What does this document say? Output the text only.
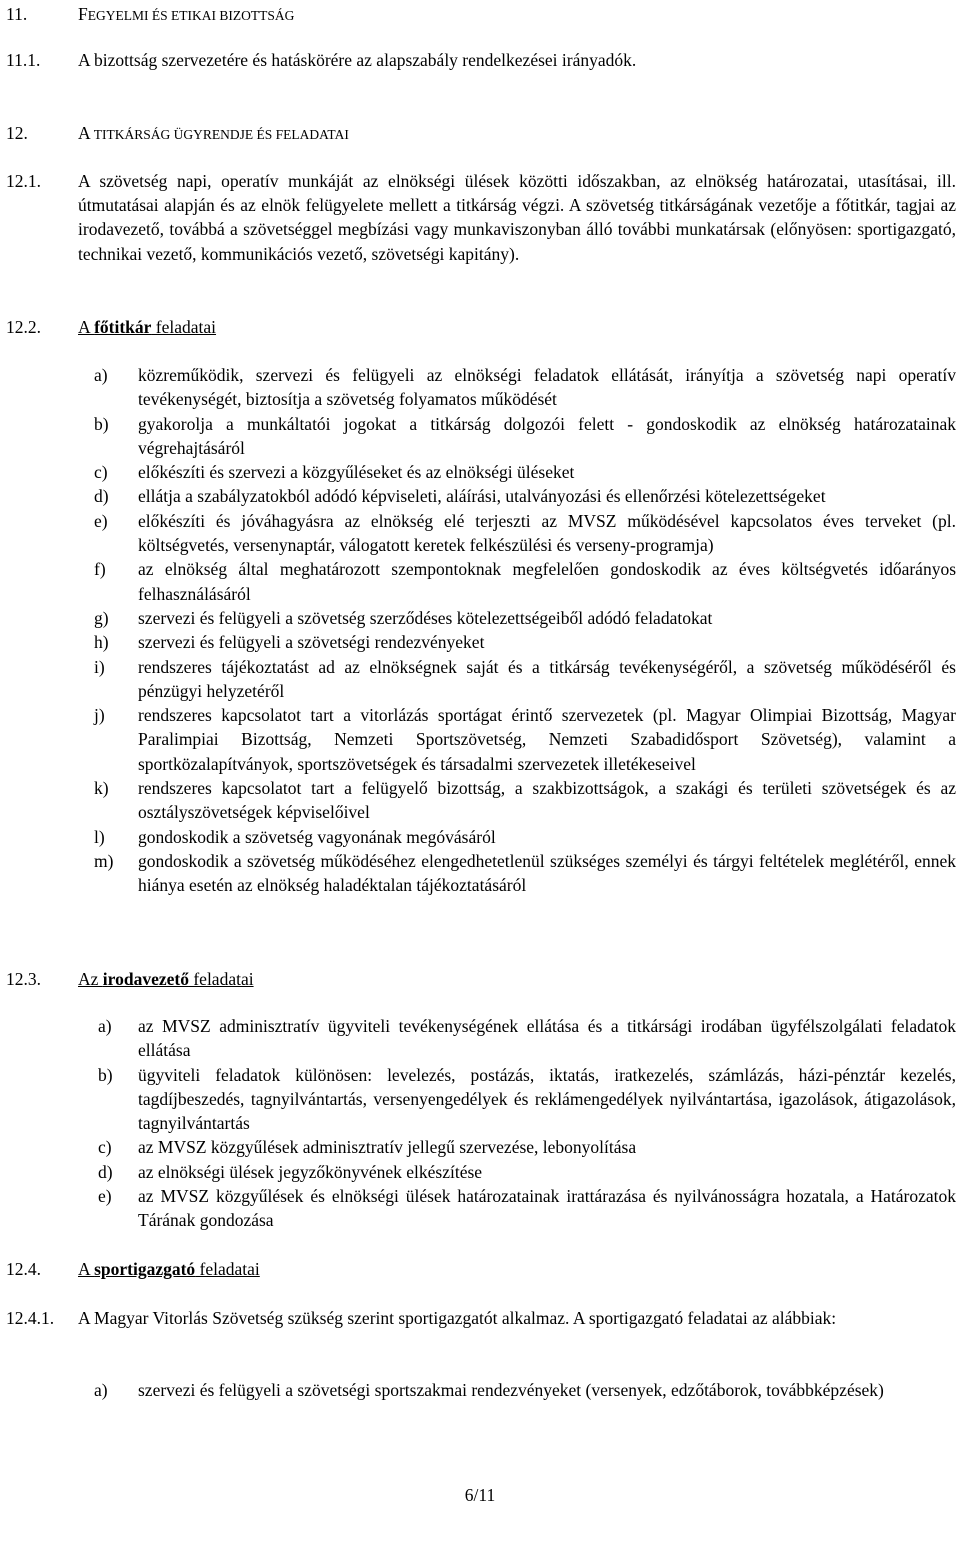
11.	FEGYELMI ÉS ETIKAI BIZOTTSÁG
11.1. A bizottság szervezetére és hatáskörére az alapszabály rendelkezései irányadók.
12.	A TITKÁRSÁG ÜGYRENDJE ÉS FELADATAI
12.1. A szövetség napi, operatív munkáját az elnökségi ülések közötti időszakban, az elnökség határozatai, utasításai, ill. útmutatásai alapján és az elnök felügyelete mellett a titkárság végzi. A szövetség titkárságának vezetője a főtitkár, tagjai az irodavezető, továbbá a szövetséggel megbízási vagy munkaviszonyban álló további munkatársak (előnyösen: sportigazgató, technikai vezető, kommunikációs vezető, szövetségi kapitány).
12.2. A főtitkár feladatai
a) közreműködik, szervezi és felügyeli az elnökségi feladatok ellátását, irányítja a szövetség napi operatív tevékenységét, biztosítja a szövetség folyamatos működését
b) gyakorolja a munkáltatói jogokat a titkárság dolgozói felett - gondoskodik az elnökség határozatainak végrehajtásáról
c) előkészíti és szervezi a közgyűléseket és az elnökségi üléseket
d) ellátja a szabályzatokból adódó képviseleti, aláírási, utalványozási és ellenőrzési kötelezettségeket
e) előkészíti és jóváhagyásra az elnökség elé terjeszti az MVSZ működésével kapcsolatos éves terveket (pl. költségvetés, versenynaptár, válogatott keretek felkészülési és verseny-programja)
f) az elnökség által meghatározott szempontoknak megfelelően gondoskodik az éves költségvetés időarányos felhasználásáról
g) szervezi és felügyeli a szövetség szerződéses kötelezettségeiből adódó feladatokat
h) szervezi és felügyeli a szövetségi rendezvényeket
i) rendszeres tájékoztatást ad az elnökségnek saját és a titkárság tevékenységéről, a szövetség működéséről és pénzügyi helyzetéről
j) rendszeres kapcsolatot tart a vitorlázás sportágat érintő szervezetek (pl. Magyar Olimpiai Bizottság, Magyar Paralimpiai Bizottság, Nemzeti Sportszövetség, Nemzeti Szabadidősport Szövetség), valamint a sportközalapítványok, sportszövetségek és társadalmi szervezetek illetékeseivel
k) rendszeres kapcsolatot tart a felügyelő bizottság, a szakbizottságok, a szakági és területi szövetségek és az osztályszövetségek képviselőivel
l) gondoskodik a szövetség vagyonának megóvásáról
m) gondoskodik a szövetség működéséhez elengedhetetlenül szükséges személyi és tárgyi feltételek meglétéről, ennek hiánya esetén az elnökség haladéktalan tájékoztatásáról
12.3. Az irodavezető feladatai
a) az MVSZ adminisztratív ügyviteli tevékenységének ellátása és a titkársági irodában ügyfélszolgálati feladatok ellátása
b) ügyviteli feladatok különösen: levelezés, postázás, iktatás, iratkezelés, számlázás, házi-pénztár kezelés, tagdíjbeszedés, tagnyilvántartás, versenyengedélyek és reklámengedélyek nyilvántartása, igazolások, átigazolások, tagnyilvántartás
c) az MVSZ közgyűlések adminisztratív jellegű szervezése, lebonyolítása
d) az elnökségi ülések jegyzőkönyvének elkészítése
e) az MVSZ közgyűlések és elnökségi ülések határozatainak irattárazása és nyilvánosságra hozatala, a Határozatok Tárának gondozása
12.4. A sportigazgató feladatai
12.4.1. A Magyar Vitorlás Szövetség szükség szerint sportigazgatót alkalmaz. A sportigazgató feladatai az alábbiak:
a) szervezi és felügyeli a szövetségi sportszakmai rendezvényeket (versenyek, edzőtáborok, továbbképzések)
6/11
